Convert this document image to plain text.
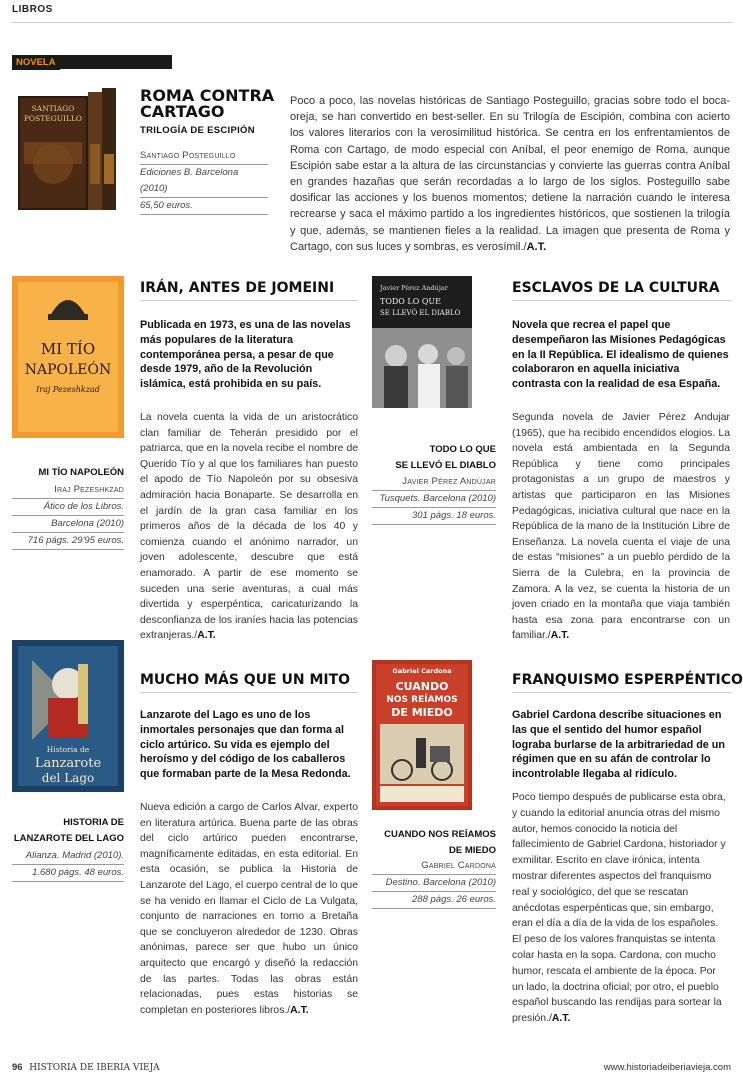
LIBROS
NOVELA
SANTIAGO
POSTEGUILLO
ROMA CONTRA
CARTAGO
TRILOGÍA DE ESCIPIÓN
Santiago Posteguillo
Ediciones B. Barcelona (2010)
65,50 euros.
Poco a poco, las novelas históricas de Santiago Posteguillo, gracias sobre todo el boca-oreja, se han convertido en best-seller. En su Trilogía de Escipión, combina con acierto los valores literarios con la verosimilitud histórica. Se centra en los enfrentamientos de Roma con Cartago, de modo especial con Aníbal, el peor enemigo de Roma, aunque Escipión sabe estar a la altura de las circunstancias y convierte las guerras contra Aníbal en grandes hazañas que serán recordadas a lo largo de los siglos. Posteguillo sabe dosificar las acciones y los buenos momentos; detiene la narración cuando le interesa recrearse y saca el máximo partido a los ingredientes históricos, que sostienen la trilogía y que, además, se mantienen fieles a la realidad. La imagen que presenta de Roma y Cartago, con sus luces y sombras, es verosímil./A.T.
MI TÍO
NAPOLEÓN
Iraj Pezeshkzad
MI TÍO NAPOLEÓN
Iraj Pezeshkzad
Ático de los Libros.
Barcelona (2010)
716 págs. 29'95 euros.
IRÁN, ANTES DE JOMEINI
Publicada en 1973, es una de las novelas más populares de la literatura contemporánea persa, a pesar de que desde 1979, año de la Revolución islámica, está prohibida en su país.
La novela cuenta la vida de un aristocrático clan familiar de Teherán presidido por el patriarca, que en la novela recibe el nombre de Querido Tío y al que los familiares han puesto el apodo de Tío Napoleón por su obsesiva admiración hacia Bonaparte. Se desarrolla en el jardín de la gran casa familiar en los primeros años de la década de los 40 y comienza cuando el anónimo narrador, un joven adolescente, descubre que está enamorado. A partir de ese momento se suceden una serie aventuras, a cual más divertida y esperpéntica, caricaturizando la desconfianza de los iraníes hacia las potencias extranjeras./A.T.
Javier Pérez Andújar
TODO LO QUE
SE LLEVÓ EL DIABLO
TODO LO QUE
SE LLEVÓ EL DIABLO
Javier Pérez Andújar
Tusquets. Barcelona (2010)
301 págs. 18 euros.
ESCLAVOS DE LA CULTURA
Novela que recrea el papel que desempeñaron las Misiones Pedagógicas en la II República. El idealismo de quienes colaboraron en aquella iniciativa contrasta con la realidad de esa España.
Segunda novela de Javier Pérez Andujar (1965), que ha recibido encendidos elogios. La novela está ambientada en la Segunda República y tiene como principales protagonistas a un grupo de maestros y artistas que participaron en las Misiones Pedagógicas, iniciativa cultural que nace en la República de la mano de la Institución Libre de Enseñanza. La novela cuenta el viaje de una de estas “misiones” a un pueblo perdido de la Sierra de la Culebra, en la provincia de Zamora. A la vez, se cuenta la historia de un joven criado en la montaña que viaja también hasta esa zona para encontrarse con un familiar./A.T.
Historia de
Lanzarote
del Lago
HISTORIA DE
LANZAROTE DEL LAGO
Alianza. Madrid (2010).
1.680 págs. 48 euros.
MUCHO MÁS QUE UN MITO
Lanzarote del Lago es uno de los inmortales personajes que dan forma al ciclo artúrico. Su vida es ejemplo del heroísmo y del código de los caballeros que formaban parte de la Mesa Redonda.
Nueva edición a cargo de Carlos Alvar, experto en literatura artúrica. Buena parte de las obras del ciclo artúrico pueden encontrarse, magníficamente editadas, en esta editorial. En esta ocasión, se publica la Historia de Lanzarote del Lago, el cuerpo central de lo que se ha venido en llamar el Ciclo de La Vulgata, conjunto de narraciones en torno a Bretaña que se concluyeron alrededor de 1230. Obras anónimas, parece ser que hubo un único arquitecto que encargó y diseñó la redacción de las partes. Todas las obras están relacionadas, pues estas historias se completan en posteriores libros./A.T.
Gabriel Cardona
CUANDO
NOS REÍAMOS
DE MIEDO
CUANDO NOS REÍAMOS
DE MIEDO
Gabriel Cardona
Destino. Barcelona (2010)
288 págs. 26 euros.
FRANQUISMO ESPERPÉNTICO
Gabriel Cardona describe situaciones en las que el sentido del humor español lograba burlarse de la arbitrariedad de un régimen que en su afán de controlar lo incontrolable llegaba al ridículo.
Poco tiempo después de publicarse esta obra, y cuando la editorial anuncia otras del mismo autor, hemos conocido la noticia del fallecimiento de Gabriel Cardona, historiador y exmilitar. Escrito en clave irónica, intenta mostrar diferentes aspectos del franquismo real y sociológico, del que se rescatan anécdotas esperpénticas que, sin embargo, eran el día a día de la vida de los españoles. El peso de los valores franquistas se intenta colar hasta en la sopa. Cardona, con mucho humor, rescata el ambiente de la época. Por un lado, la doctrina oficial; por otro, el pueblo español buscando las rendijas para sortear la presión./A.T.
96 HISTORIA DE IBERIA VIEJA	www.historiadeiberiavieja.com
